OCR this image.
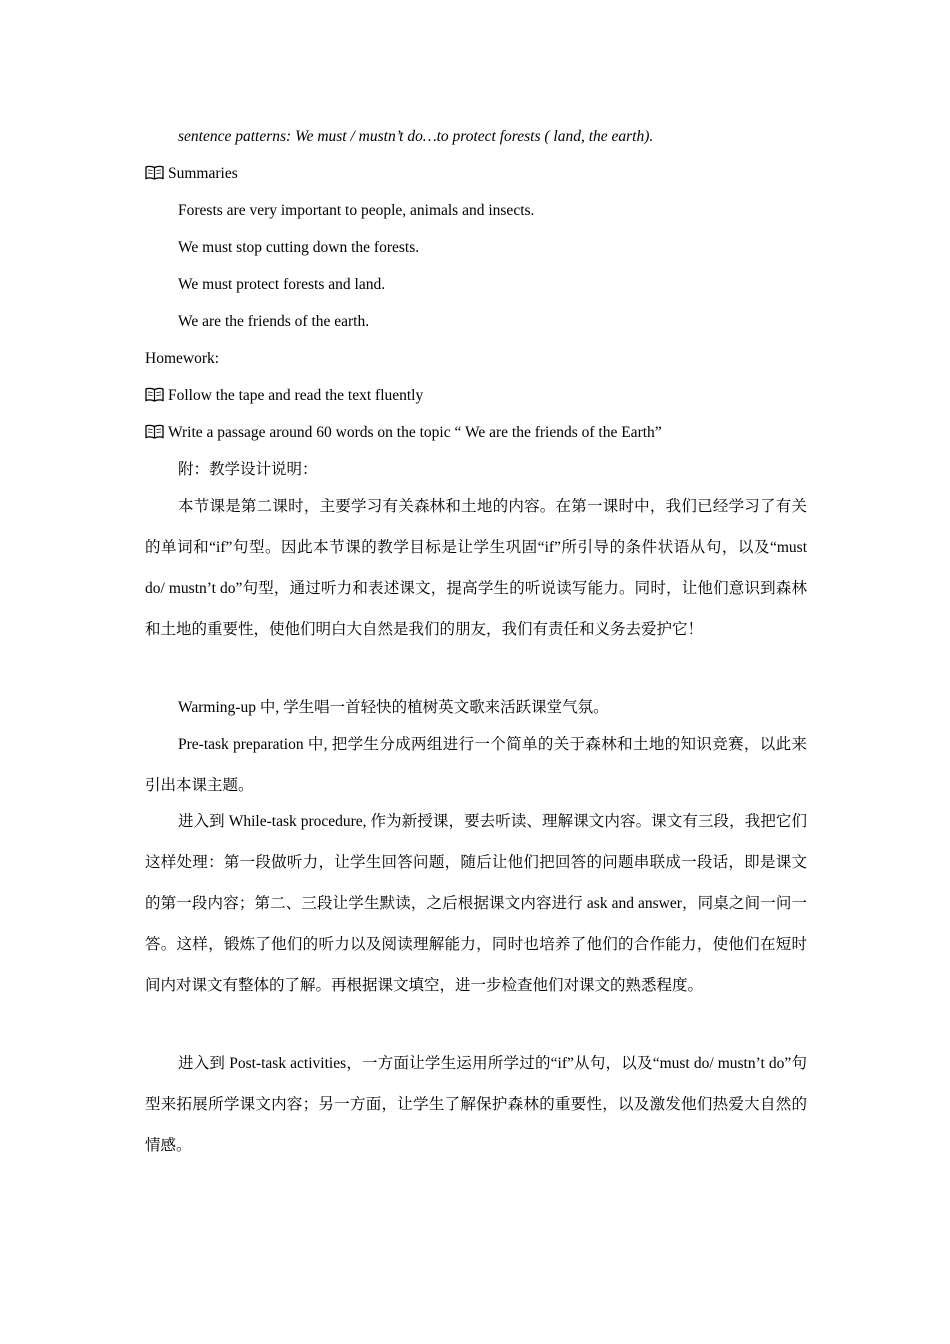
sentence patterns: We must / mustn’t do…to protect forests ( land, the earth).
Summaries
Forests are very important to people, animals and insects.
We must stop cutting down the forests.
We must protect forests and land.
We are the friends of the earth.
Homework:
Follow the tape and read the text fluently
Write a passage around 60 words on the topic “ We are the friends of the Earth”
附：教学设计说明：

本节课是第二课时，主要学习有关森林和土地的内容。在第一课时中，我们已经学习了有关的单词和“if”句型。因此本节课的教学目标是让学生巩固“if”所引导的条件状语从句，以及“must do/ mustn’t do”句型，通过听力和表述课文，提高学生的听说读写能力。同时，让他们意识到森林和土地的重要性，使他们明白大自然是我们的朋友，我们有责任和义务去爱护它！

Warming-up 中, 学生唱一首轻快的植树英文歌来活跃课堂气氛。

Pre-task preparation 中, 把学生分成两组进行一个简单的关于森林和土地的知识竞赛，以此来引出本课主题。

进入到 While-task procedure, 作为新授课，要去听读、理解课文内容。课文有三段，我把它们这样处理：第一段做听力，让学生回答问题，随后让他们把回答的问题串联成一段话，即是课文的第一段内容；第二、三段让学生默读，之后根据课文内容进行 ask and answer，同桌之间一问一答。这样，锻炼了他们的听力以及阅读理解能力，同时也培养了他们的合作能力，使他们在短时间内对课文有整体的了解。再根据课文填空，进一步检查他们对课文的熟悉程度。

进入到 Post-task activities，一方面让学生运用所学过的“if”从句，以及“must do/ mustn’t do”句型来拓展所学课文内容；另一方面，让学生了解保护森林的重要性，以及激发他们热爱大自然的情感。
